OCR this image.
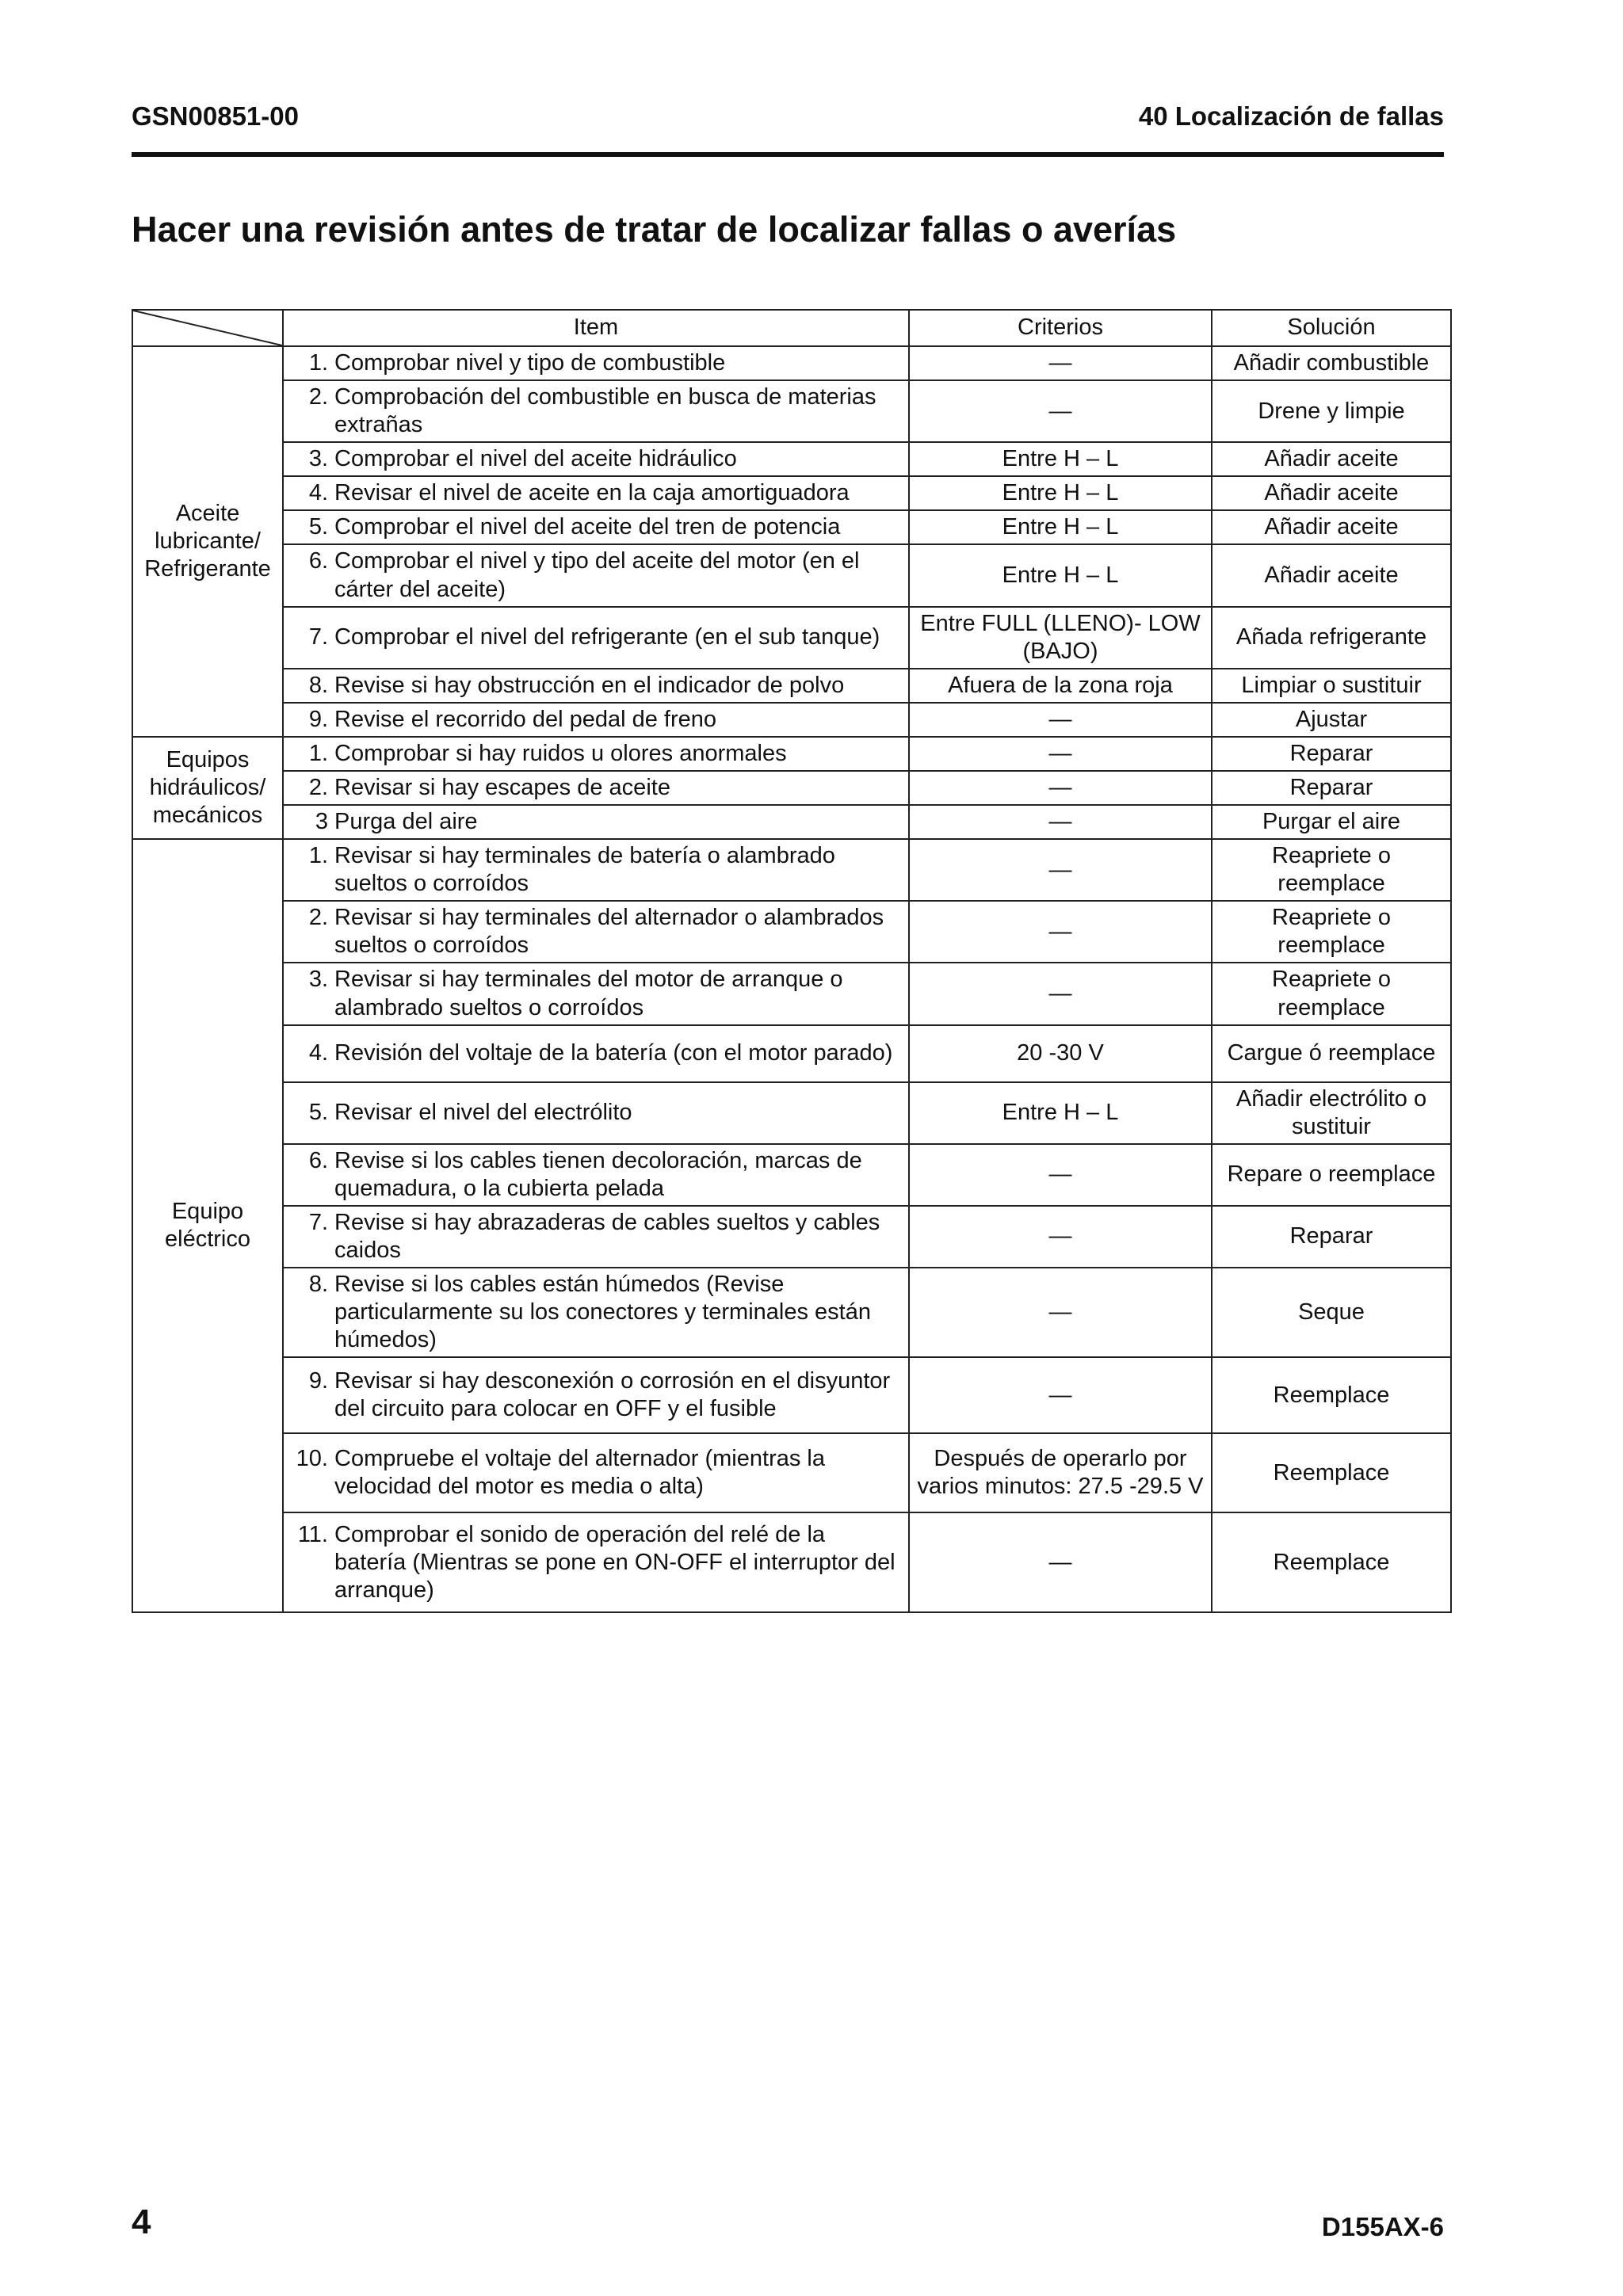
GSN00851-00	40 Localización de fallas
Hacer una revisión antes de tratar de localizar fallas o averías
	Item	Criterios	Solución
Aceite lubricante/ Refrigerante	1. Comprobar nivel y tipo de combustible	—	Añadir combustible

	2. Comprobación del combustible en busca de materias extrañas	—	Drene y limpie

	3. Comprobar el nivel del aceite hidráulico	Entre H – L	Añadir aceite

	4. Revisar el nivel de aceite en la caja amortiguadora	Entre H – L	Añadir aceite

	5. Comprobar el nivel del aceite del tren de potencia	Entre H – L	Añadir aceite

	6. Comprobar el nivel y tipo del aceite del motor (en el cárter del aceite)	Entre H – L	Añadir aceite

	7. Comprobar el nivel del refrigerante (en el sub tanque)	Entre FULL (LLENO)- LOW (BAJO)	Añada refrigerante

	8. Revise si hay obstrucción en el indicador de polvo	Afuera de la zona roja	Limpiar o sustituir

	9. Revise el recorrido del pedal de freno	—	Ajustar
Equipos hidráulicos/ mecánicos	1. Comprobar si hay ruidos u olores anormales	—	Reparar

	2. Revisar si hay escapes de aceite	—	Reparar

	3 Purga del aire	—	Purgar el aire
Equipo eléctrico	1. Revisar si hay terminales de batería o alambrado sueltos o corroídos	—	Reapriete o reemplace

	2. Revisar si hay terminales del alternador o alambrados sueltos o corroídos	—	Reapriete o reemplace

	3. Revisar si hay terminales del motor de arranque o alambrado sueltos o corroídos	—	Reapriete o reemplace

	4. Revisión del voltaje de la batería (con el motor parado)	20 -30 V	Cargue ó reemplace

	5. Revisar el nivel del electrólito	Entre H – L	Añadir electrólito o sustituir

	6. Revise si los cables tienen decoloración, marcas de quemadura, o la cubierta pelada	—	Repare o reemplace

	7. Revise si hay abrazaderas de cables sueltos y cables caidos	—	Reparar

	8. Revise si los cables están húmedos (Revise particularmente su los conectores y terminales están húmedos)	—	Seque

	9. Revisar si hay desconexión o corrosión en el disyuntor del circuito para colocar en OFF y el fusible	—	Reemplace

	10. Compruebe el voltaje del alternador (mientras la velocidad del motor es media o alta)	Después de operarlo por varios minutos: 27.5 -29.5 V	Reemplace

	11. Comprobar el sonido de operación del relé de la batería (Mientras se pone en ON-OFF el interruptor del arranque)	—	Reemplace
4	D155AX-6
